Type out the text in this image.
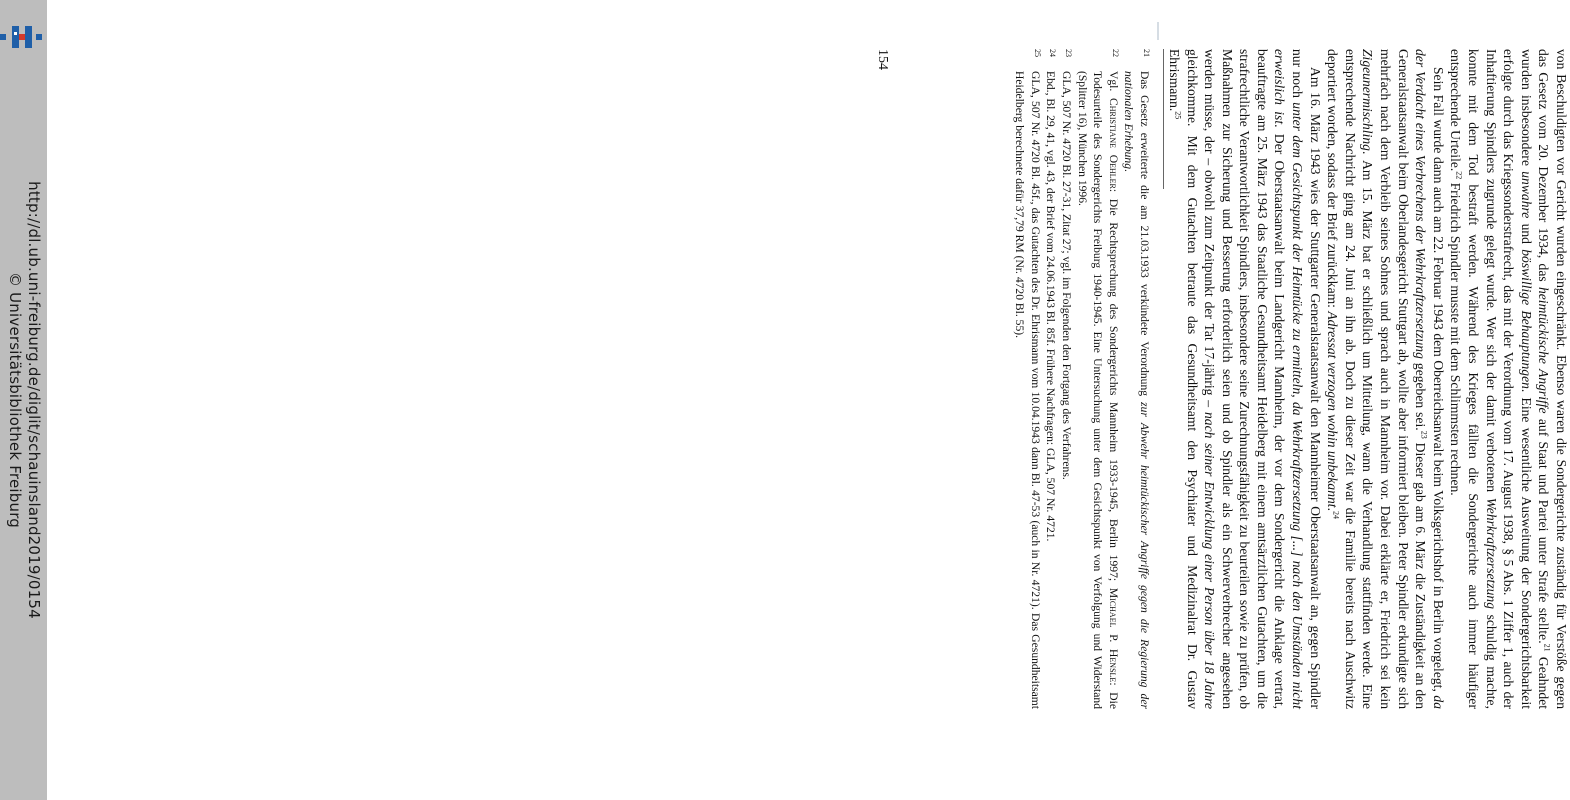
http://dl.ub.uni-freiburg.de/diglit/schauinsland2019/0154
© Universitätsbibliothek Freiburg	von Beschuldigten vor Gericht wurden eingeschränkt. Ebenso waren die Sondergerichte zuständig für Verstöße gegen das Gesetz vom 20. Dezember 1934, das heimtückische Angriffe auf Staat und Partei unter Strafe stellte.$^{21}$ Geahndet wurden insbesondere unwahre und böswillige Behauptungen. Eine wesentliche Ausweitung der Sondergerichtsbarkeit erfolgte durch das Kriegssonderstrafrecht, das mit der Verordnung vom 17. August 1938, § 5 Abs. 1 Ziffer 1, auch der Inhaftierung Spindlers zugrunde gelegt wurde. Wer sich der damit verbotenen Wehrkraftzersetzung schuldig machte, konnte mit dem Tod bestraft werden. Während des Krieges fällten die Sondergerichte auch immer häufiger entsprechende Urteile.$^{22}$ Friedrich Spindler musste mit dem Schlimmsten rechnen.

Sein Fall wurde dann auch am 22. Februar 1943 dem Oberreichsanwalt beim Volksgerichtshof in Berlin vorgelegt, da der Verdacht eines Verbrechens der Wehrkraftzersetzung gegeben sei.$^{23}$ Dieser gab am 6. März die Zuständigkeit an den Generalstaatsanwalt beim Oberlandesgericht Stuttgart ab, wollte aber informiert bleiben. Peter Spindler erkundigte sich mehrfach nach dem Verbleib seines Sohnes und sprach auch in Mannheim vor. Dabei erklärte er, Friedrich sei kein Zigeunermischling. Am 15. März bat er schließlich um Mitteilung, wann die Verhandlung stattfinden werde. Eine entsprechende Nachricht ging am 24. Juni an ihn ab. Doch zu dieser Zeit war die Familie bereits nach Auschwitz deportiert worden, sodass der Brief zurückkam: Adressat verzogen wohin unbekannt.$^{24}$

Am 16. März 1943 wies der Stuttgarter Generalstaatsanwalt den Mannheimer Oberstaatsanwalt an, gegen Spindler nur noch unter dem Gesichtspunkt der Heimtücke zu ermitteln, da Wehrkraftzersetzung [...] nach den Umständen nicht erweislich ist. Der Oberstaatsanwalt beim Landgericht Mannheim, der vor dem Sondergericht die Anklage vertrat, beauftragte am 25. März 1943 das Staatliche Gesundheitsamt Heidelberg mit einem amtsärztlichen Gutachten, um die strafrechtliche Verantwortlichkeit Spindlers, insbesondere seine Zurechnungsfähigkeit zu beurteilen sowie zu prüfen, ob Maßnahmen zur Sicherung und Besserung erforderlich seien und ob Spindler als ein Schwerverbrecher angesehen werden müsse, der – obwohl zum Zeitpunkt der Tat 17-jährig – nach seiner Entwicklung einer Person über 18 Jahre gleichkomme. Mit dem Gutachten betraute das Gesundheitsamt den Psychiater und Medizinalrat Dr. Gustav Ehrismann.$^{25}$

21
Das Gesetz erweiterte die am 21.03.1933 verkündete Verordnung zur Abwehr heimtückischer Angriffe gegen die Regierung der nationalen Erhebung.
22
Vgl. Christiane Oehler: Die Rechtsprechung des Sondergerichts Mannheim 1933-1945, Berlin 1997; Michael P. Hensle: Die Todesurteile des Sondergerichts Freiburg 1940-1945. Eine Untersuchung unter dem Gesichtspunkt von Verfolgung und Widerstand (Splitter 16), München 1996.
23
GLA, 507 Nr. 4720 Bl. 27-31, Zitat 27; vgl. im Folgenden den Fortgang des Verfahrens.
24
Ebd., Bl. 29, 41, vgl. 43, der Brief vom 24.06.1943 Bl. 85f. Frühere Nachfragen: GLA, 507 Nr. 4721.
25
GLA, 507 Nr. 4720 Bl. 45f., das Gutachten des Dr. Ehrismann vom 10.04.1943 dann Bl. 47-53 (auch in Nr. 4721). Das Gesundheitsamt Heidelberg berechnete dafür 37,79 RM (Nr. 4720 Bl. 55).
154
